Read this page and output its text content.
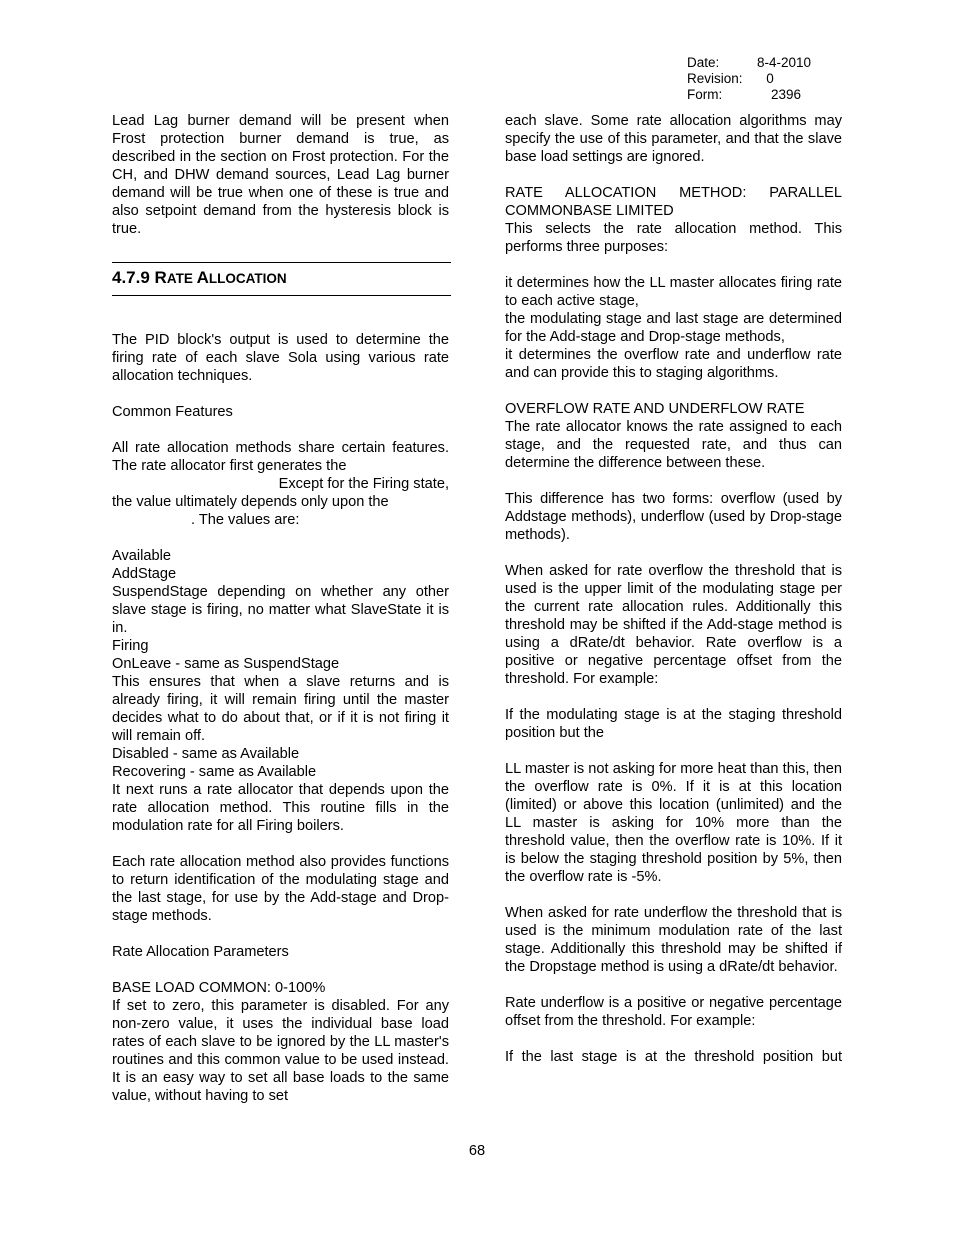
Date:	8-4-2010
Revision:	0
Form:	2396

Lead Lag burner demand will be present when Frost protection burner demand is true, as described in the section on Frost protection. For the CH, and DHW demand sources, Lead Lag burner demand will be true when one of these is true and also setpoint demand from the hysteresis block is true.

4.7.9 RATE ALLOCATION

The PID block's output is used to determine the firing rate of each slave Sola using various rate allocation techniques.

Common Features

All rate allocation methods share certain features. The rate allocator first generates the
Except for the Firing state,
the value ultimately depends only upon the
. The values are:

Available

AddStage

SuspendStage depending on whether any other slave stage is firing, no matter what SlaveState it is in.

Firing

OnLeave - same as SuspendStage

This ensures that when a slave returns and is already firing, it will remain firing until the master decides what to do about that, or if it is not firing it will remain off.

Disabled - same as Available

Recovering - same as Available

It next runs a rate allocator that depends upon the rate allocation method. This routine fills in the modulation rate for all Firing boilers.

Each rate allocation method also provides functions to return identification of the modulating stage and the last stage, for use by the Add-stage and Drop-stage methods.

Rate Allocation Parameters

BASE LOAD COMMON: 0-100%

If set to zero, this parameter is disabled. For any non-zero value, it uses the individual base load rates of each slave to be ignored by the LL master's routines and this common value to be used instead. It is an easy way to set all base loads to the same value, without having to set

each slave. Some rate allocation algorithms may specify the use of this parameter, and that the slave base load settings are ignored.

RATE ALLOCATION METHOD: PARALLEL COMMONBASE LIMITED

This selects the rate allocation method. This performs three purposes:

it determines how the LL master allocates firing rate to each active stage,

the modulating stage and last stage are determined for the Add-stage and Drop-stage methods,

it determines the overflow rate and underflow rate and can provide this to staging algorithms.

OVERFLOW RATE AND UNDERFLOW RATE

The rate allocator knows the rate assigned to each stage, and the requested rate, and thus can determine the difference between these.

This difference has two forms: overflow (used by Addstage methods), underflow (used by Drop-stage methods).

When asked for rate overflow the threshold that is used is the upper limit of the modulating stage per the current rate allocation rules. Additionally this threshold may be shifted if the Add-stage method is using a dRate/dt behavior. Rate overflow is a positive or negative percentage offset from the threshold. For example:

If the modulating stage is at the staging threshold position but the

LL master is not asking for more heat than this, then the overflow rate is 0%. If it is at this location (limited) or above this location (unlimited) and the LL master is asking for 10% more than the threshold value, then the overflow rate is 10%. If it is below the staging threshold position by 5%, then the overflow rate is -5%.

When asked for rate underflow the threshold that is used is the minimum modulation rate of the last stage. Additionally this threshold may be shifted if the Dropstage method is using a dRate/dt behavior.

Rate underflow is a positive or negative percentage offset from the threshold. For example:

If the last stage is at the threshold position but

68
